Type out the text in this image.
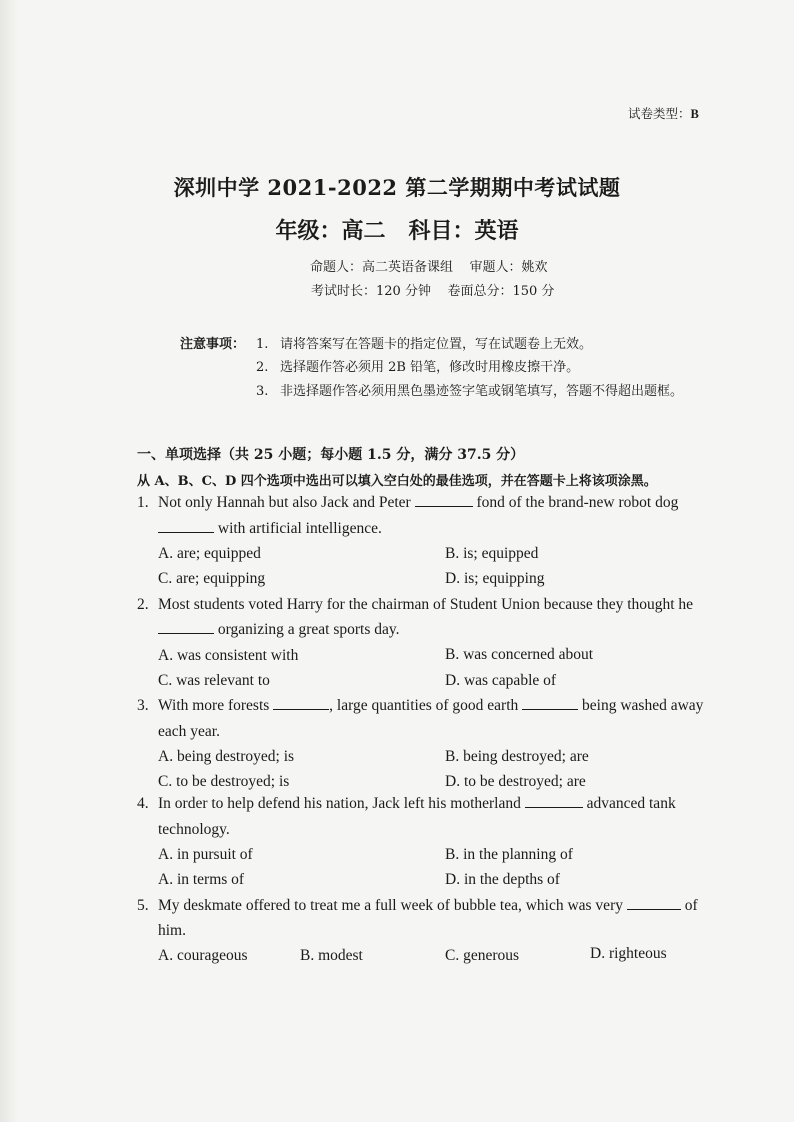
试卷类型：B
深圳中学 2021-2022 第二学期期中考试试题
年级：高二   科目：英语
命题人：高二英语备课组    审题人：姚欢
考试时长：120 分钟    卷面总分：150 分
注意事项： 1. 请将答案写在答题卡的指定位置，写在试题卷上无效。
2. 选择题作答必须用 2B 铅笔，修改时用橡皮擦干净。
3. 非选择题作答必须用黑色墨迹签字笔或钢笔填写，答题不得超出题框。
一、单项选择（共 25 小题；每小题 1.5 分，满分 37.5 分）
从 A、B、C、D 四个选项中选出可以填入空白处的最佳选项，并在答题卡上将该项涂黑。
1. Not only Hannah but also Jack and Peter	fond of the brand-new robot dog
with artificial intelligence.
A. are; equipped	B. is; equipped
C. are; equipping	D. is; equipping
2. Most students voted Harry for the chairman of Student Union because they thought he
organizing a great sports day.
A. was consistent with	B. was concerned about
C. was relevant to	D. was capable of
3. With more forests	, large quantities of good earth	being washed away
each year.
A. being destroyed; is	B. being destroyed; are
C. to be destroyed; is	D. to be destroyed; are
4. In order to help defend his nation, Jack left his motherland	advanced tank
technology.
A. in pursuit of	B. in the planning of
A. in terms of	D. in the depths of
5. My deskmate offered to treat me a full week of bubble tea, which was very	of
him.
A. courageous	B. modest	C. generous	D. righteous
